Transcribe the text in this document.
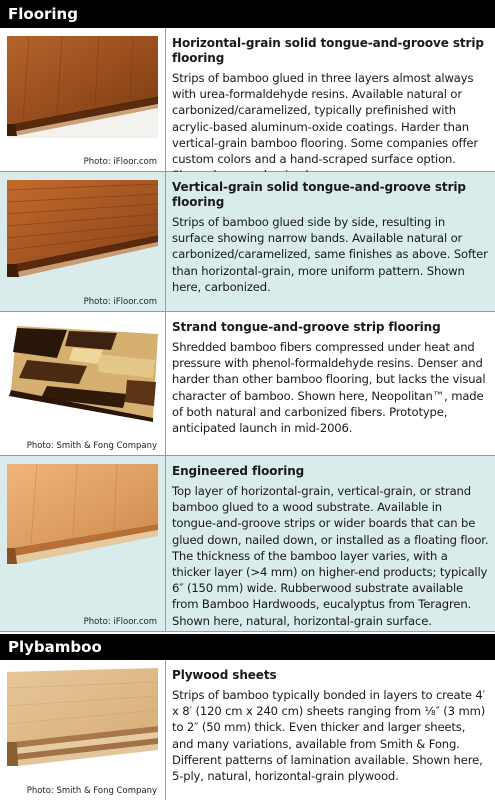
Flooring
Photo: iFloor.com

Horizontal-grain solid tongue-and-groove strip flooring

Strips of bamboo glued in three layers almost always with urea-formaldehyde resins. Available natural or carbonized/caramelized, typically prefinished with acrylic-based aluminum-oxide coatings. Harder than vertical-grain bamboo flooring. Some companies offer custom colors and a hand-scraped surface option.

Photo: iFloor.com

Vertical-grain solid tongue-and-groove strip flooring

Strips of bamboo glued side by side, resulting in surface showing narrow bands. Available natural or carbonized/caramelized, same finishes as above. Softer than horizontal-grain, more uniform pattern. Shown here, carbonized.

Photo: Smith & Fong Company

Strand tongue-and-groove strip flooring

Shredded bamboo fibers compressed under heat and pressure with phenol-formaldehyde resins. Denser and harder than other bamboo flooring, but lacks the visual character of bamboo. Shown here, Neopolitan™, made of both natural and carbonized fibers. Prototype, anticipated launch in mid-2006.

Photo: iFloor.com

Engineered flooring

Top layer of horizontal-grain, vertical-grain, or strand bamboo glued to a wood substrate. Available in tongue-and-groove strips or wider boards that can be glued down, nailed down, or installed as a floating floor. The thickness of the bamboo layer varies, with a thicker layer (>4 mm) on higher-end products; typically 6″ (150 mm) wide. Rubberwood substrate available from Bamboo Hardwoods, eucalyptus from Teragren. Shown here, natural, horizontal-grain surface.

Plybamboo
Photo: Smith & Fong Company

Plywood sheets

Strips of bamboo typically bonded in layers to create 4′ x 8′ (120 cm x 240 cm) sheets ranging from ⅛″ (3 mm) to 2″ (50 mm) thick. Even thicker and larger sheets, and many variations, available from Smith & Fong. Different patterns of lamination available. Shown here, 5-ply, natural, horizontal-grain plywood.
